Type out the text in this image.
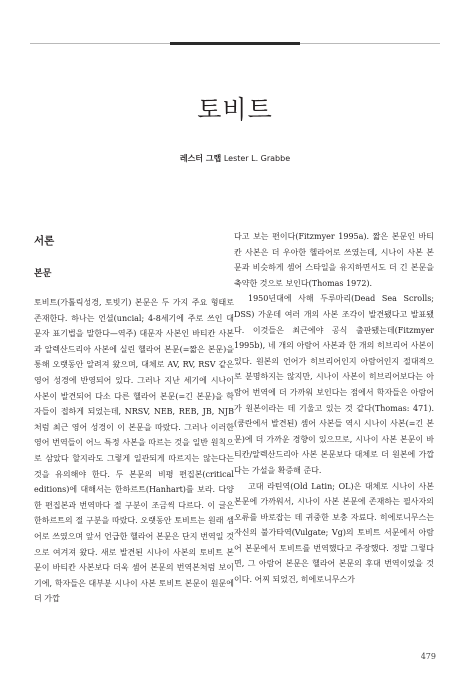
토비트
레스터 그랩 Lester L. Grabbe
서론
본문

토비트(가톨릭성경, 토빗기) 본문은 두 가지 주요 형태로 존재한다. 하나는 언셜(uncial; 4-8세기에 주로 쓰인 대문자 표기법을 말한다—역주) 대문자 사본인 바티칸 사본과 알렉산드리아 사본에 실린 헬라어 본문(=짧은 본문)을 통해 오랫동안 알려져 왔으며, 대체로 AV, RV, RSV 같은 영어 성경에 반영되어 있다. 그러나 지난 세기에 시나이 사본이 발견되어 다소 다른 헬라어 본문(=긴 본문)을 학자들이 접하게 되었는데, NRSV, NEB, REB, JB, NJB처럼 최근 영어 성경이 이 본문을 따랐다. 그러나 이러한 영어 번역들이 어느 특정 사본을 따르는 것을 일반 원칙으로 삼았다 할지라도 그렇게 일관되게 따르지는 않는다는 것을 유의해야 한다. 두 본문의 비평 편집본(critical editions)에 대해서는 한하르트(Hanhart)를 보라. 다양한 편집본과 번역마다 절 구분이 조금씩 다르다. 이 글은 한하르트의 절 구분을 따랐다. 오랫동안 토비트는 원래 셈어로 쓰였으며 앞서 언급한 헬라어 본문은 단지 번역일 것으로 여겨져 왔다. 새로 발견된 시나이 사본의 토비트 본문이 바티칸 사본보다 더욱 셈어 본문의 번역본처럼 보이기에, 학자들은 대부분 시나이 사본 토비트 본문이 원문에 더 가깝

다고 보는 편이다(Fitzmyer 1995a). 짧은 본문인 바티칸 사본은 더 우아한 헬라어로 쓰였는데, 시나이 사본 본문과 비슷하게 셈어 스타일을 유지하면서도 더 긴 본문을 축약한 것으로 보인다(Thomas 1972).

1950년대에 사해 두루마리(Dead Sea Scrolls; DSS) 가운데 여러 개의 사본 조각이 발견됐다고 발표됐다. 이것들은 최근에야 공식 출판됐는데(Fitzmyer 1995b), 네 개의 아람어 사본과 한 개의 히브리어 사본이 있다. 원본의 언어가 히브리어인지 아람어인지 절대적으로 분명하지는 않지만, 시나이 사본이 히브리어보다는 아람어 번역에 더 가까워 보인다는 점에서 학자들은 아람어가 원본이라는 데 기울고 있는 것 같다(Thomas: 471). (쿰란에서 발견된) 셈어 사본들 역시 시나이 사본(=긴 본문)에 더 가까운 경향이 있으므로, 시나이 사본 본문이 바티칸/알렉산드리아 사본 본문보다 대체로 더 원본에 가깝다는 가설을 확증해 준다.

고대 라틴역(Old Latin; OL)은 대체로 시나이 사본 본문에 가까워서, 시나이 사본 본문에 존재하는 필사자의 오류를 바로잡는 데 귀중한 보충 자료다. 히에로니무스는 자신의 불가타역(Vulgate; Vg)의 토비트 서문에서 아람어 본문에서 토비트를 번역했다고 주장했다. 정말 그렇다면, 그 아람어 본문은 헬라어 본문의 후대 번역이었을 것이다. 어찌 되었건, 히에로니무스가

479
